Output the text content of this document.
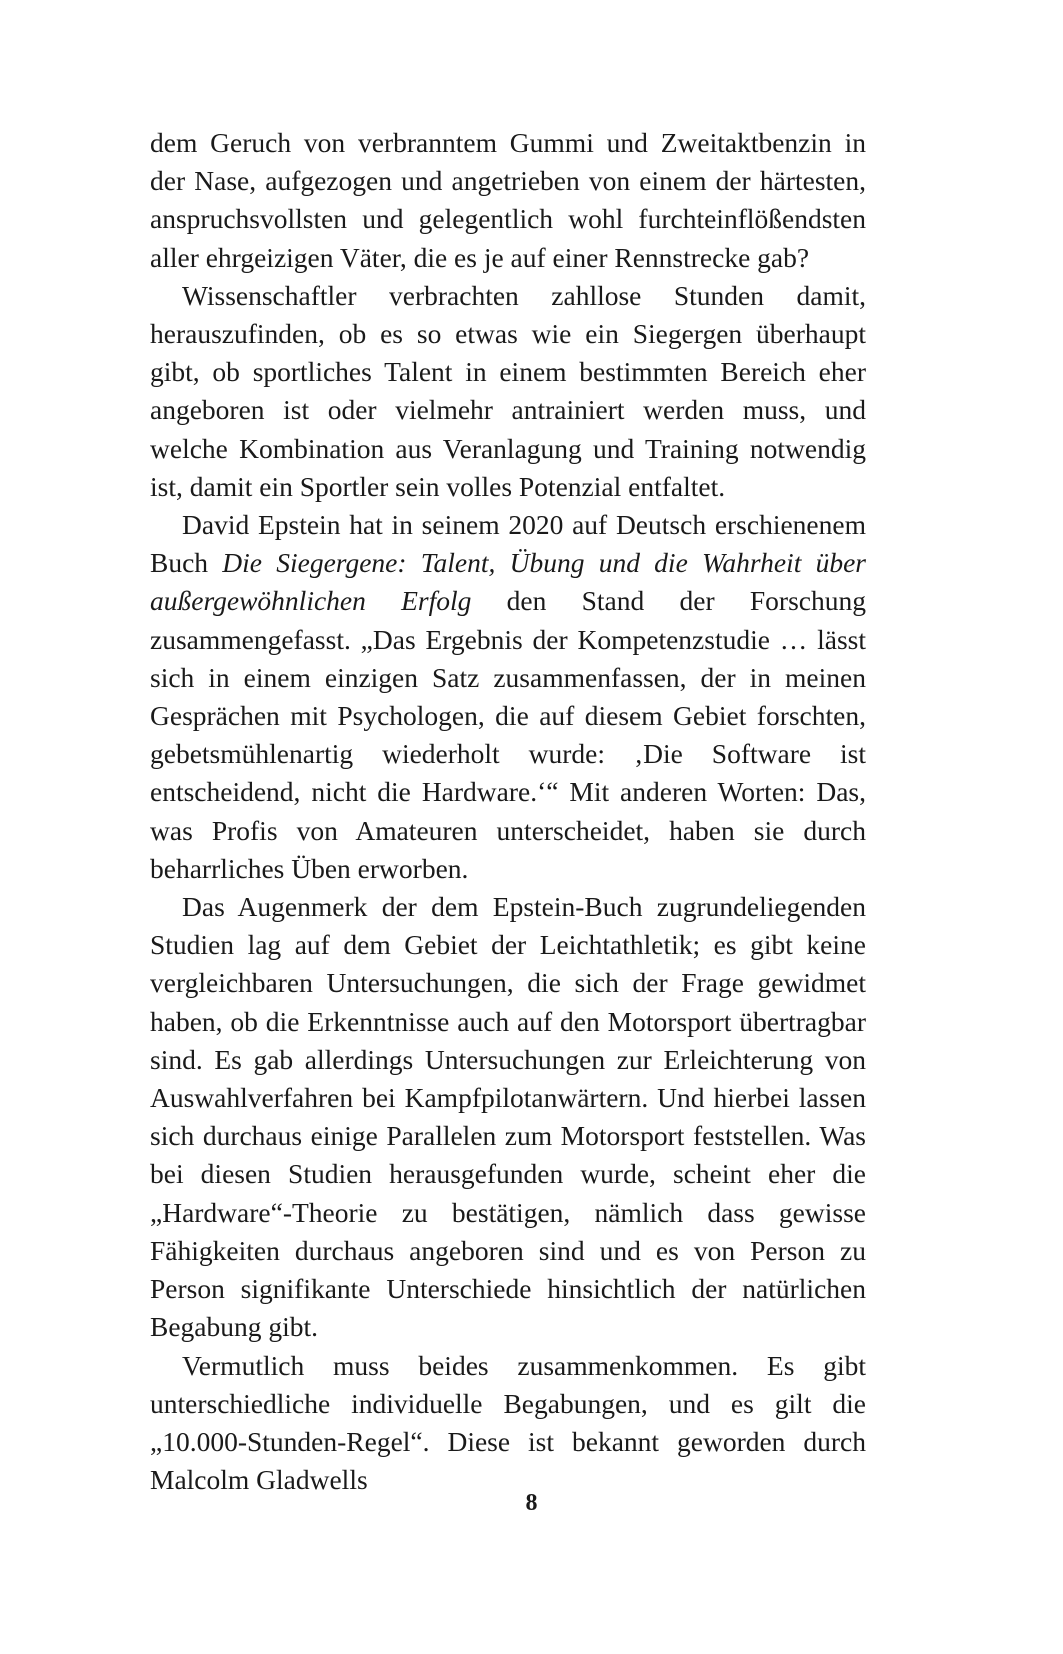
dem Geruch von verbranntem Gummi und Zweitaktbenzin in der Nase, aufgezogen und angetrieben von einem der härtesten, anspruchsvollsten und gelegentlich wohl furchteinflößendsten aller ehrgeizigen Väter, die es je auf einer Rennstrecke gab?

Wissenschaftler verbrachten zahllose Stunden damit, herauszufinden, ob es so etwas wie ein Siegergen überhaupt gibt, ob sportliches Talent in einem bestimmten Bereich eher angeboren ist oder vielmehr antrainiert werden muss, und welche Kombination aus Veranlagung und Training notwendig ist, damit ein Sportler sein volles Potenzial entfaltet.

David Epstein hat in seinem 2020 auf Deutsch erschienenem Buch Die Siegergene: Talent, Übung und die Wahrheit über außergewöhnlichen Erfolg den Stand der Forschung zusammengefasst. „Das Ergebnis der Kompetenzstudie … lässt sich in einem einzigen Satz zusammenfassen, der in meinen Gesprächen mit Psychologen, die auf diesem Gebiet forschten, gebetsmühlenartig wiederholt wurde: ‚Die Software ist entscheidend, nicht die Hardware.‘“ Mit anderen Worten: Das, was Profis von Amateuren unterscheidet, haben sie durch beharrliches Üben erworben.

Das Augenmerk der dem Epstein-Buch zugrundeliegenden Studien lag auf dem Gebiet der Leichtathletik; es gibt keine vergleichbaren Untersuchungen, die sich der Frage gewidmet haben, ob die Erkenntnisse auch auf den Motorsport übertragbar sind. Es gab allerdings Untersuchungen zur Erleichterung von Auswahlverfahren bei Kampfpilotanwärtern. Und hierbei lassen sich durchaus einige Parallelen zum Motorsport feststellen. Was bei diesen Studien herausgefunden wurde, scheint eher die „Hardware“-Theorie zu bestätigen, nämlich dass gewisse Fähigkeiten durchaus angeboren sind und es von Person zu Person signifikante Unterschiede hinsichtlich der natürlichen Begabung gibt.

Vermutlich muss beides zusammenkommen. Es gibt unterschiedliche individuelle Begabungen, und es gilt die „10.000-Stunden-Regel“. Diese ist bekannt geworden durch Malcolm Gladwells

8
